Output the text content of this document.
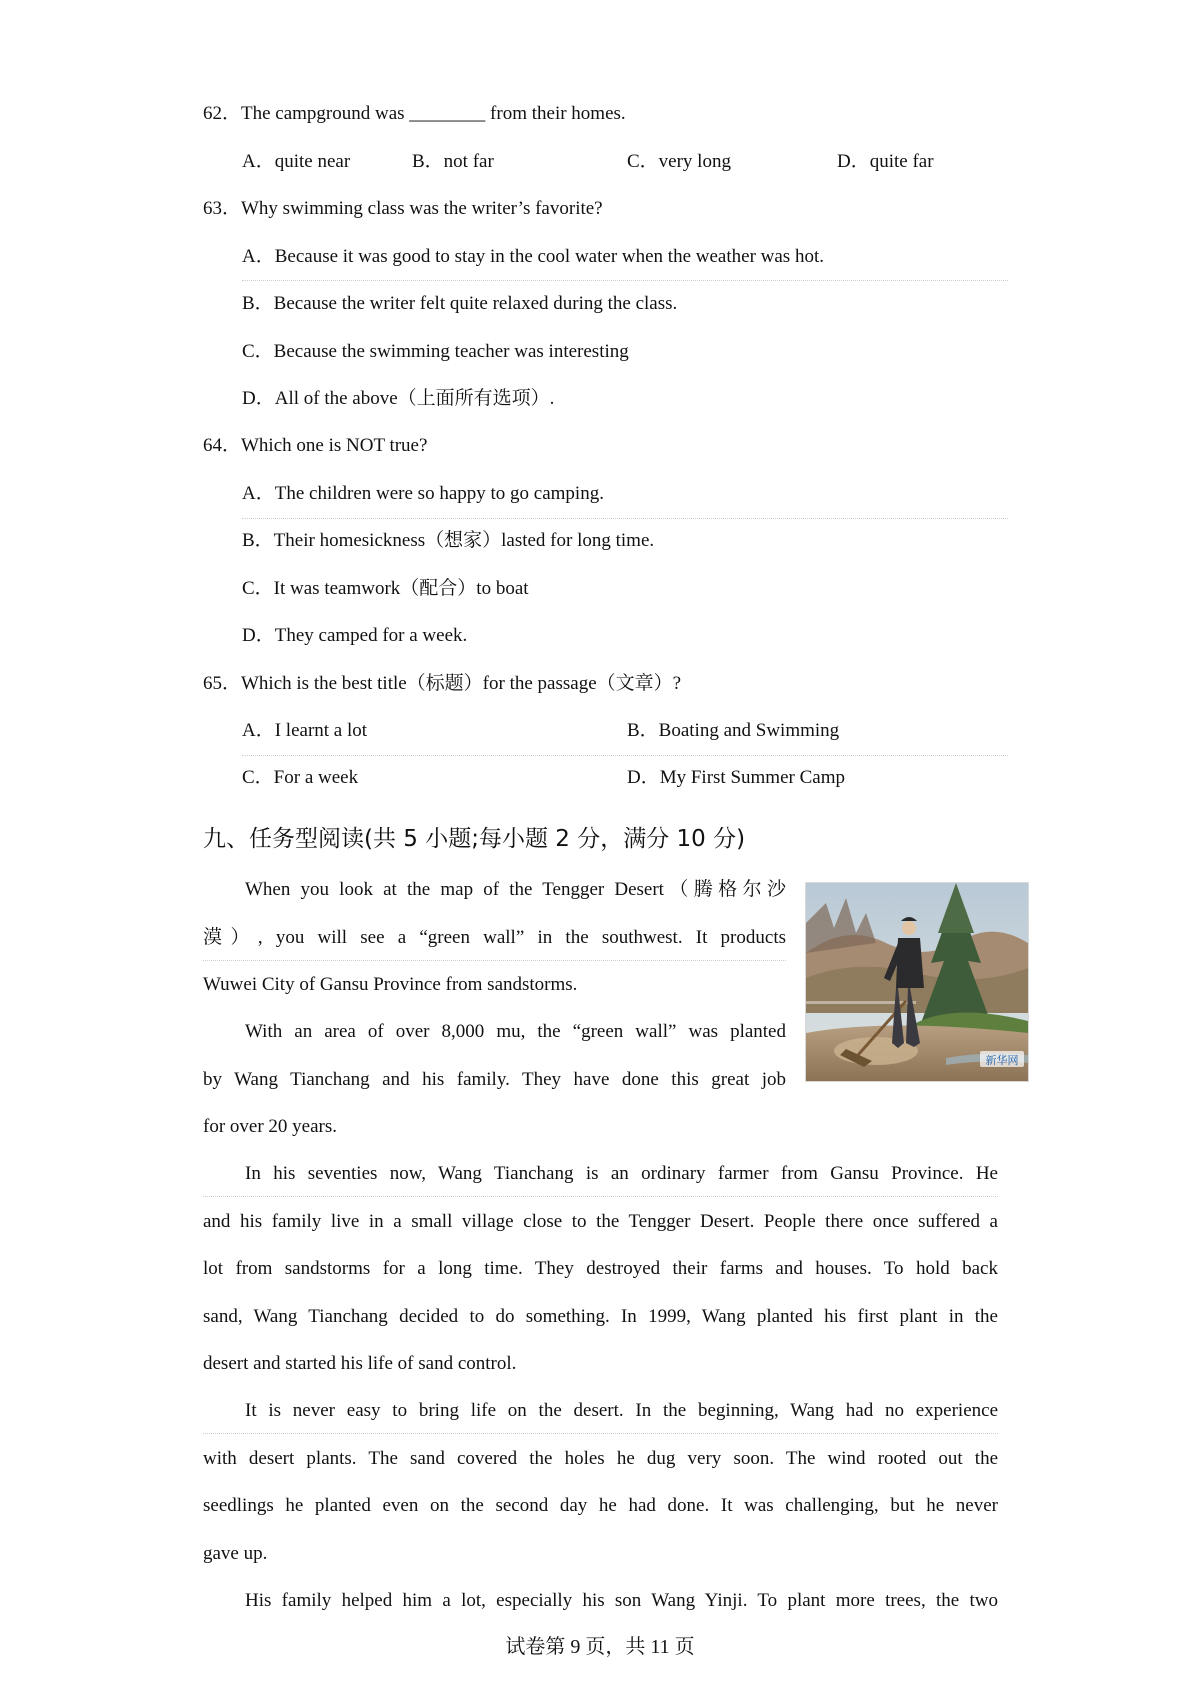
62．The campground was ________ from their homes.
A．quite near	B．not far	C．very long	D．quite far
63．Why swimming class was the writer’s favorite?
A．Because it was good to stay in the cool water when the weather was hot.
B．Because the writer felt quite relaxed during the class.
C．Because the swimming teacher was interesting
D．All of the above（上面所有选项）.
64．Which one is NOT true?
A．The children were so happy to go camping.
B．Their homesickness（想家）lasted for long time.
C．It was teamwork（配合）to boat
D．They camped for a week.
65．Which is the best title（标题）for the passage（文章）?
A．I learnt a lot	B．Boating and Swimming
C．For a week	D．My First Summer Camp
九、任务型阅读(共 5 小题;每小题 2 分，满分 10 分)
When you look at the map of the Tengger Desert（腾格尔沙
漠）, you will see a “green wall” in the southwest. It products
Wuwei City of Gansu Province from sandstorms.
With an area of over 8,000 mu, the “green wall” was planted
by Wang Tianchang and his family. They have done this great job
for over 20 years.
新华网
In his seventies now, Wang Tianchang is an ordinary farmer from Gansu Province. He
and his family live in a small village close to the Tengger Desert. People there once suffered a
lot from sandstorms for a long time. They destroyed their farms and houses. To hold back
sand, Wang Tianchang decided to do something. In 1999, Wang planted his first plant in the
desert and started his life of sand control.
It is never easy to bring life on the desert. In the beginning, Wang had no experience
with desert plants. The sand covered the holes he dug very soon. The wind rooted out the
seedlings he planted even on the second day he had done. It was challenging, but he never
gave up.
His family helped him a lot, especially his son Wang Yinji. To plant more trees, the two
试卷第 9 页，共 11 页
